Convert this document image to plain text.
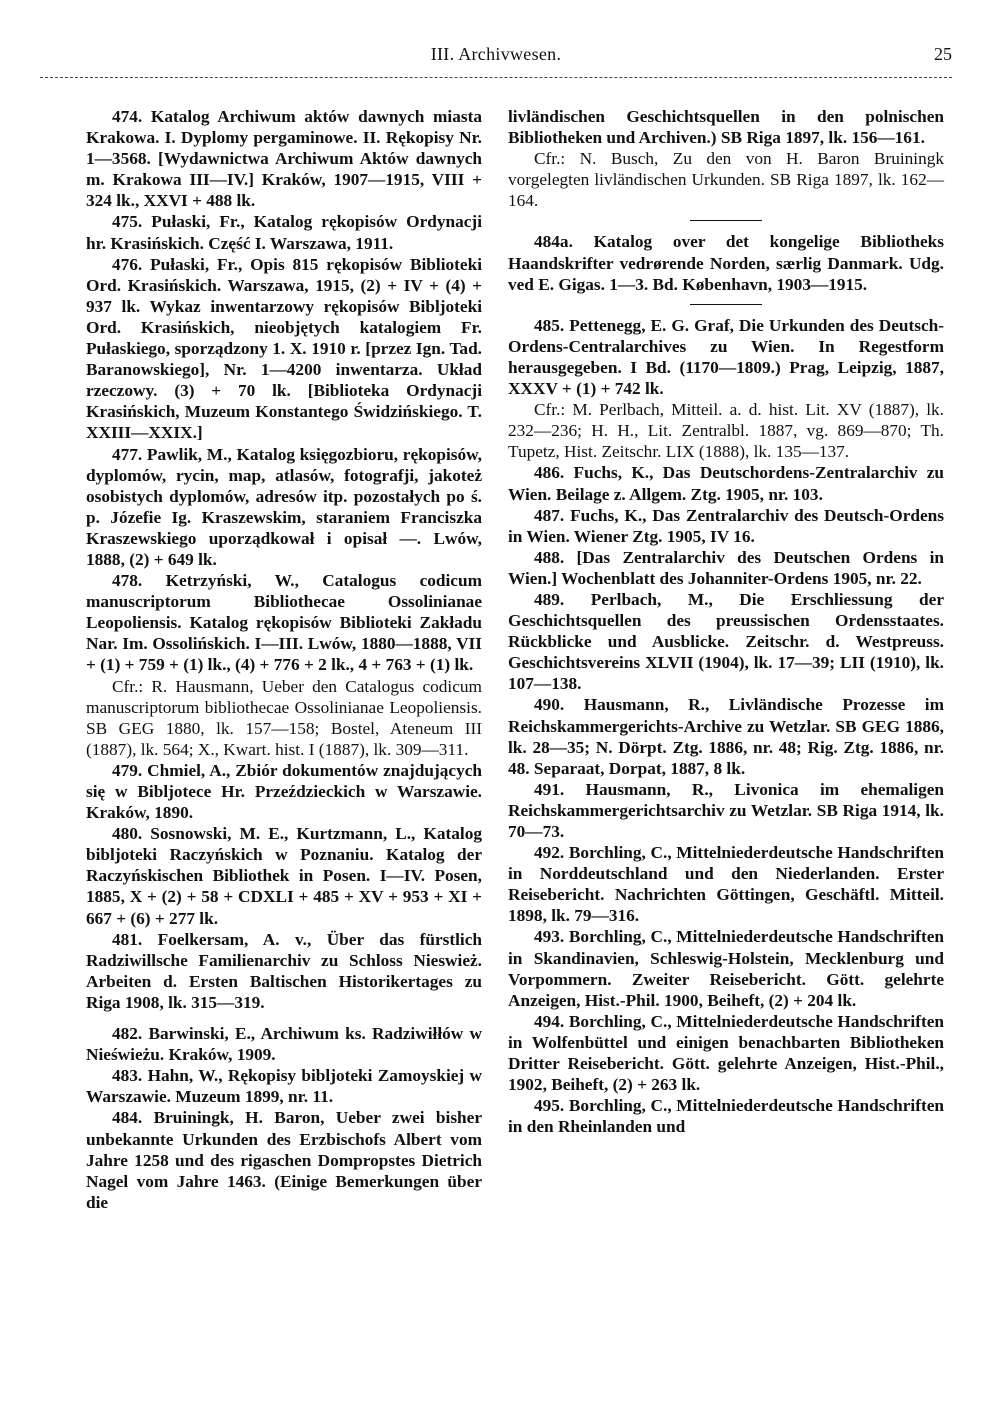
III. Archivwesen.	25

474. Katalog Archiwum aktów dawnych miasta Krakowa. I. Dyplomy pergaminowe. II. Rękopisy Nr. 1—3568. [Wydawnictwa Archiwum Aktów dawnych m. Krakowa III—IV.] Kraków, 1907—1915, VIII + 324 lk., XXVI + 488 lk.

475. Pułaski, Fr., Katalog rękopisów Ordynacji hr. Krasińskich. Część I. Warszawa, 1911.

476. Pułaski, Fr., Opis 815 rękopisów Biblioteki Ord. Krasińskich. Warszawa, 1915, (2) + IV + (4) + 937 lk. Wykaz inwentarzowy rękopisów Bibljoteki Ord. Krasińskich, nieobjętych katalogiem Fr. Pułaskiego, sporządzony 1. X. 1910 r. [przez Ign. Tad. Baranowskiego], Nr. 1—4200 inwentarza. Układ rzeczowy. (3) + 70 lk. [Biblioteka Ordynacji Krasińskich, Muzeum Konstantego Świdzińskiego. T. XXIII—XXIX.]

477. Pawlik, M., Katalog księgozbioru, rękopisów, dyplomów, rycin, map, atlasów, fotografji, jakoteż osobistych dyplomów, adresów itp. pozostałych po ś. p. Józefie Ig. Kraszewskim, staraniem Franciszka Kraszewskiego uporządkował i opisał —. Lwów, 1888, (2) + 649 lk.

478. Ketrzyński, W., Catalogus codicum manuscriptorum Bibliothecae Ossolinianae Leopoliensis. Katalog rękopisów Biblioteki Zakładu Nar. Im. Ossolińskich. I—III. Lwów, 1880—1888, VII + (1) + 759 + (1) lk., (4) + 776 + 2 lk., 4 + 763 + (1) lk.

Cfr.: R. Hausmann, Ueber den Catalogus codicum manuscriptorum bibliothecae Ossolinianae Leopoliensis. SB GEG 1880, lk. 157—158; Bostel, Ateneum III (1887), lk. 564; X., Kwart. hist. I (1887), lk. 309—311.

479. Chmiel, A., Zbiór dokumentów znajdujących się w Bibljotece Hr. Przeździeckich w Warszawie. Kraków, 1890.

480. Sosnowski, M. E., Kurtzmann, L., Katalog bibljoteki Raczyńskich w Poznaniu. Katalog der Raczyńskischen Bibliothek in Posen. I—IV. Posen, 1885, X + (2) + 58 + CDXLI + 485 + XV + 953 + XI + 667 + (6) + 277 lk.

481. Foelkersam, A. v., Über das fürstlich Radziwillsche Familienarchiv zu Schloss Nieswież. Arbeiten d. Ersten Baltischen Historikertages zu Riga 1908, lk. 315—319.

482. Barwinski, E., Archiwum ks. Radziwiłłów w Nieświeżu. Kraków, 1909.

483. Hahn, W., Rękopisy bibljoteki Zamoyskiej w Warszawie. Muzeum 1899, nr. 11.

484. Bruiningk, H. Baron, Ueber zwei bisher unbekannte Urkunden des Erzbischofs Albert vom Jahre 1258 und des rigaschen Dompropstes Dietrich Nagel vom Jahre 1463. (Einige Bemerkungen über die

livländischen Geschichtsquellen in den polnischen Bibliotheken und Archiven.) SB Riga 1897, lk. 156—161.

Cfr.: N. Busch, Zu den von H. Baron Bruiningk vorgelegten livländischen Urkunden. SB Riga 1897, lk. 162—164.

484a. Katalog over det kongelige Bibliotheks Haandskrifter vedrørende Norden, særlig Danmark. Udg. ved E. Gigas. 1—3. Bd. København, 1903—1915.

485. Pettenegg, E. G. Graf, Die Urkunden des Deutsch-Ordens-Centralarchives zu Wien. In Regestform herausgegeben. I Bd. (1170—1809.) Prag, Leipzig, 1887, XXXV + (1) + 742 lk.

Cfr.: M. Perlbach, Mitteil. a. d. hist. Lit. XV (1887), lk. 232—236; H. H., Lit. Zentralbl. 1887, vg. 869—870; Th. Tupetz, Hist. Zeitschr. LIX (1888), lk. 135—137.

486. Fuchs, K., Das Deutschordens-Zentralarchiv zu Wien. Beilage z. Allgem. Ztg. 1905, nr. 103.

487. Fuchs, K., Das Zentralarchiv des Deutsch-Ordens in Wien. Wiener Ztg. 1905, IV 16.

488. [Das Zentralarchiv des Deutschen Ordens in Wien.] Wochenblatt des Johanniter-Ordens 1905, nr. 22.

489. Perlbach, M., Die Erschliessung der Geschichtsquellen des preussischen Ordensstaates. Rückblicke und Ausblicke. Zeitschr. d. Westpreuss. Geschichtsvereins XLVII (1904), lk. 17—39; LII (1910), lk. 107—138.

490. Hausmann, R., Livländische Prozesse im Reichskammergerichts-Archive zu Wetzlar. SB GEG 1886, lk. 28—35; N. Dörpt. Ztg. 1886, nr. 48; Rig. Ztg. 1886, nr. 48. Separaat, Dorpat, 1887, 8 lk.

491. Hausmann, R., Livonica im ehemaligen Reichskammergerichtsarchiv zu Wetzlar. SB Riga 1914, lk. 70—73.

492. Borchling, C., Mittelniederdeutsche Handschriften in Norddeutschland und den Niederlanden. Erster Reisebericht. Nachrichten Göttingen, Geschäftl. Mitteil. 1898, lk. 79—316.

493. Borchling, C., Mittelniederdeutsche Handschriften in Skandinavien, Schleswig-Holstein, Mecklenburg und Vorpommern. Zweiter Reisebericht. Gött. gelehrte Anzeigen, Hist.-Phil. 1900, Beiheft, (2) + 204 lk.

494. Borchling, C., Mittelniederdeutsche Handschriften in Wolfenbüttel und einigen benachbarten Bibliotheken Dritter Reisebericht. Gött. gelehrte Anzeigen, Hist.-Phil., 1902, Beiheft, (2) + 263 lk.

495. Borchling, C., Mittelniederdeutsche Handschriften in den Rheinlanden und
